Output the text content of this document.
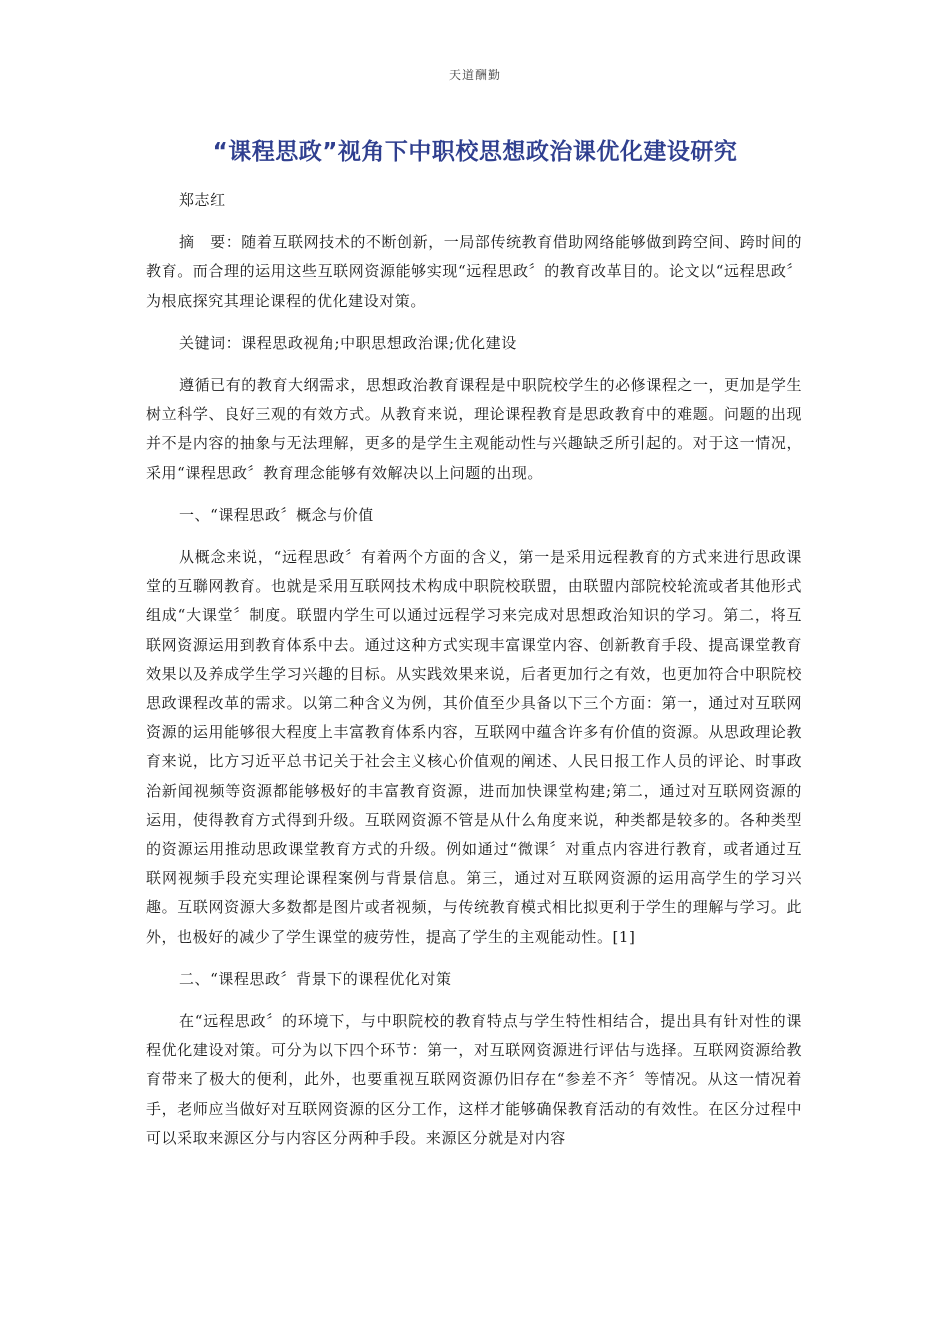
天道酬勤
“课程思政”视角下中职校思想政治课优化建设研究

郑志红

摘　要：随着互联网技术的不断创新，一局部传统教育借助网络能够做到跨空间、跨时间的教育。而合理的运用这些互联网资源能够实现“远程思政〞的教育改革目的。论文以“远程思政〞为根底探究其理论课程的优化建设对策。

关键词：课程思政视角;中职思想政治课;优化建设

遵循已有的教育大纲需求，思想政治教育课程是中职院校学生的必修课程之一，更加是学生树立科学、良好三观的有效方式。从教育来说，理论课程教育是思政教育中的难题。问题的出现并不是内容的抽象与无法理解，更多的是学生主观能动性与兴趣缺乏所引起的。对于这一情况，采用“课程思政〞教育理念能够有效解决以上问题的出现。

一、“课程思政〞概念与价值

从概念来说，“远程思政〞有着两个方面的含义，第一是采用远程教育的方式来进行思政课堂的互聯网教育。也就是采用互联网技术构成中职院校联盟，由联盟内部院校轮流或者其他形式组成“大课堂〞制度。联盟内学生可以通过远程学习来完成对思想政治知识的学习。第二，将互联网资源运用到教育体系中去。通过这种方式实现丰富课堂内容、创新教育手段、提高课堂教育效果以及养成学生学习兴趣的目标。从实践效果来说，后者更加行之有效，也更加符合中职院校思政课程改革的需求。以第二种含义为例，其价值至少具备以下三个方面：第一，通过对互联网资源的运用能够很大程度上丰富教育体系内容，互联网中蕴含许多有价值的资源。从思政理论教育来说，比方习近平总书记关于社会主义核心价值观的阐述、人民日报工作人员的评论、时事政治新闻视频等资源都能够极好的丰富教育资源，进而加快课堂构建;第二，通过对互联网资源的运用，使得教育方式得到升级。互联网资源不管是从什么角度来说，种类都是较多的。各种类型的资源运用推动思政课堂教育方式的升级。例如通过“微课〞对重点内容进行教育，或者通过互联网视频手段充实理论课程案例与背景信息。第三，通过对互联网资源的运用高学生的学习兴趣。互联网资源大多数都是图片或者视频，与传统教育模式相比拟更利于学生的理解与学习。此外，也极好的减少了学生课堂的疲劳性，提高了学生的主观能动性。[1]

二、“课程思政〞背景下的课程优化对策

在“远程思政〞的环境下，与中职院校的教育特点与学生特性相结合，提出具有针对性的课程优化建设对策。可分为以下四个环节：第一，对互联网资源进行评估与选择。互联网资源给教育带来了极大的便利，此外，也要重视互联网资源仍旧存在“参差不齐〞等情况。从这一情况着手，老师应当做好对互联网资源的区分工作，这样才能够确保教育活动的有效性。在区分过程中可以采取来源区分与内容区分两种手段。来源区分就是对内容
